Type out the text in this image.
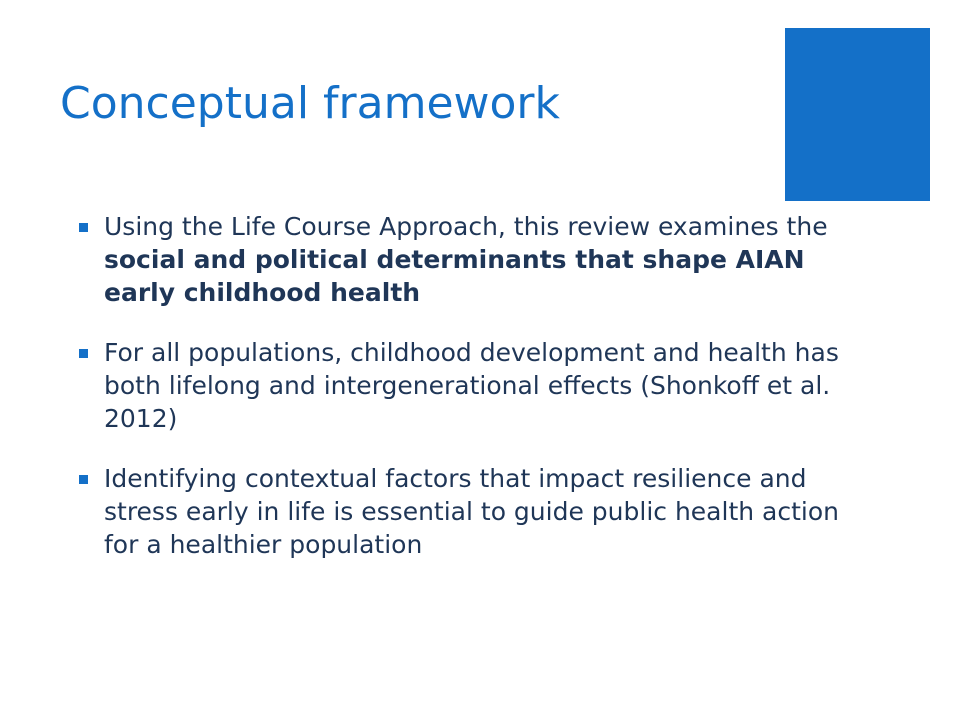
Conceptual framework
Using the Life Course Approach, this review examines the social and political determinants that shape AIAN early childhood health
For all populations, childhood development and health has both lifelong and intergenerational effects (Shonkoff et al. 2012)
Identifying contextual factors that impact resilience and stress early in life is essential to guide public health action for a healthier population
